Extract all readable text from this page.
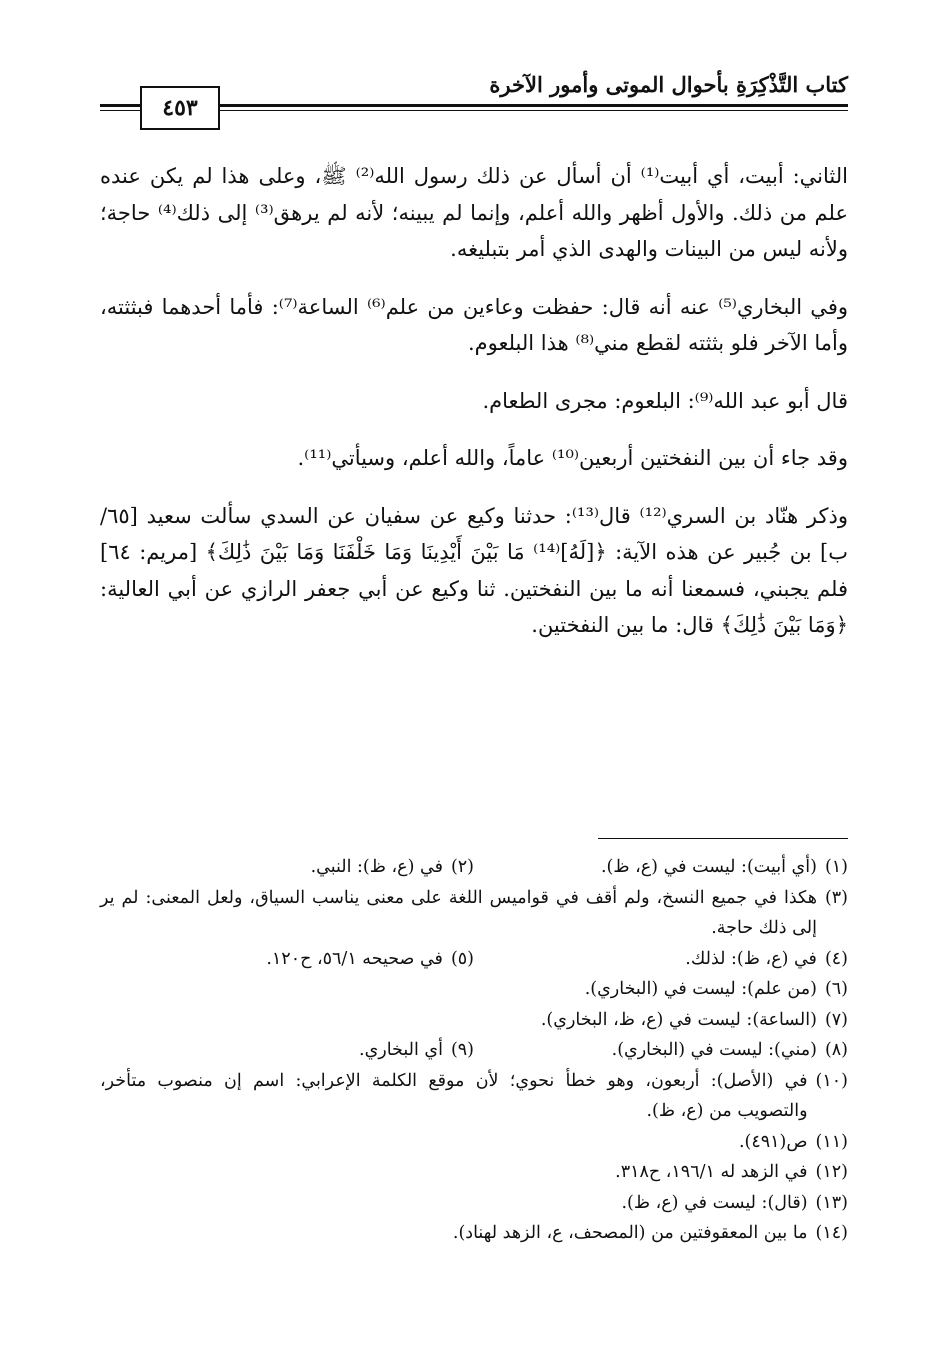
كتاب التَّذْكِرَةِ بأحوال الموتى وأمور الآخرة
٤٥٣

الثاني: أبيت، أي أبيت⁽¹⁾ أن أسأل عن ذلك رسول الله⁽²⁾ ﷺ، وعلى هذا لم يكن عنده علم من ذلك. والأول أظهر والله أعلم، وإنما لم يبينه؛ لأنه لم يرهق⁽³⁾ إلى ذلك⁽⁴⁾ حاجة؛ ولأنه ليس من البينات والهدى الذي أمر بتبليغه.

وفي البخاري⁽⁵⁾ عنه أنه قال: حفظت وعاءين من علم⁽⁶⁾ الساعة⁽⁷⁾: فأما أحدهما فبثثته، وأما الآخر فلو بثثته لقطع مني⁽⁸⁾ هذا البلعوم.

قال أبو عبد الله⁽⁹⁾: البلعوم: مجرى الطعام.

وقد جاء أن بين النفختين أربعين⁽¹⁰⁾ عاماً، والله أعلم، وسيأتي⁽¹¹⁾.

وذكر هنّاد بن السري⁽¹²⁾ قال⁽¹³⁾: حدثنا وكيع عن سفيان عن السدي سألت سعيد [٦٥/ب] بن جُبير عن هذه الآية: ﴿[لَهُ]⁽¹⁴⁾ مَا بَيْنَ أَيْدِينَا وَمَا خَلْفَنَا وَمَا بَيْنَ ذَٰلِكَ﴾ [مريم: ٦٤] فلم يجبني، فسمعنا أنه ما بين النفختين. ثنا وكيع عن أبي جعفر الرازي عن أبي العالية: ﴿وَمَا بَيْنَ ذَٰلِكَ﴾ قال: ما بين النفختين.

(١)
(أي أبيت): ليست في (ع، ظ).
(٢)
في (ع، ظ): النبي.
(٣)
هكذا في جميع النسخ، ولم أقف في قواميس اللغة على معنى يناسب السياق، ولعل المعنى: لم ير إلى ذلك حاجة.
(٤)
في (ع، ظ): لذلك.
(٥)
في صحيحه ٥٦/١، ح١٢٠.
(٦)
(من علم): ليست في (البخاري).
(٧)
(الساعة): ليست في (ع، ظ، البخاري).
(٨)
(مني): ليست في (البخاري).
(٩)
أي البخاري.
(١٠)
في (الأصل): أربعون، وهو خطأ نحوي؛ لأن موقع الكلمة الإعرابي: اسم إن منصوب متأخر، والتصويب من (ع، ظ).
(١١)
ص(٤٩١).
(١٢)
في الزهد له ١٩٦/١، ح٣١٨.
(١٣)
(قال): ليست في (ع، ظ).
(١٤)
ما بين المعقوفتين من (المصحف، ع، الزهد لهناد).
